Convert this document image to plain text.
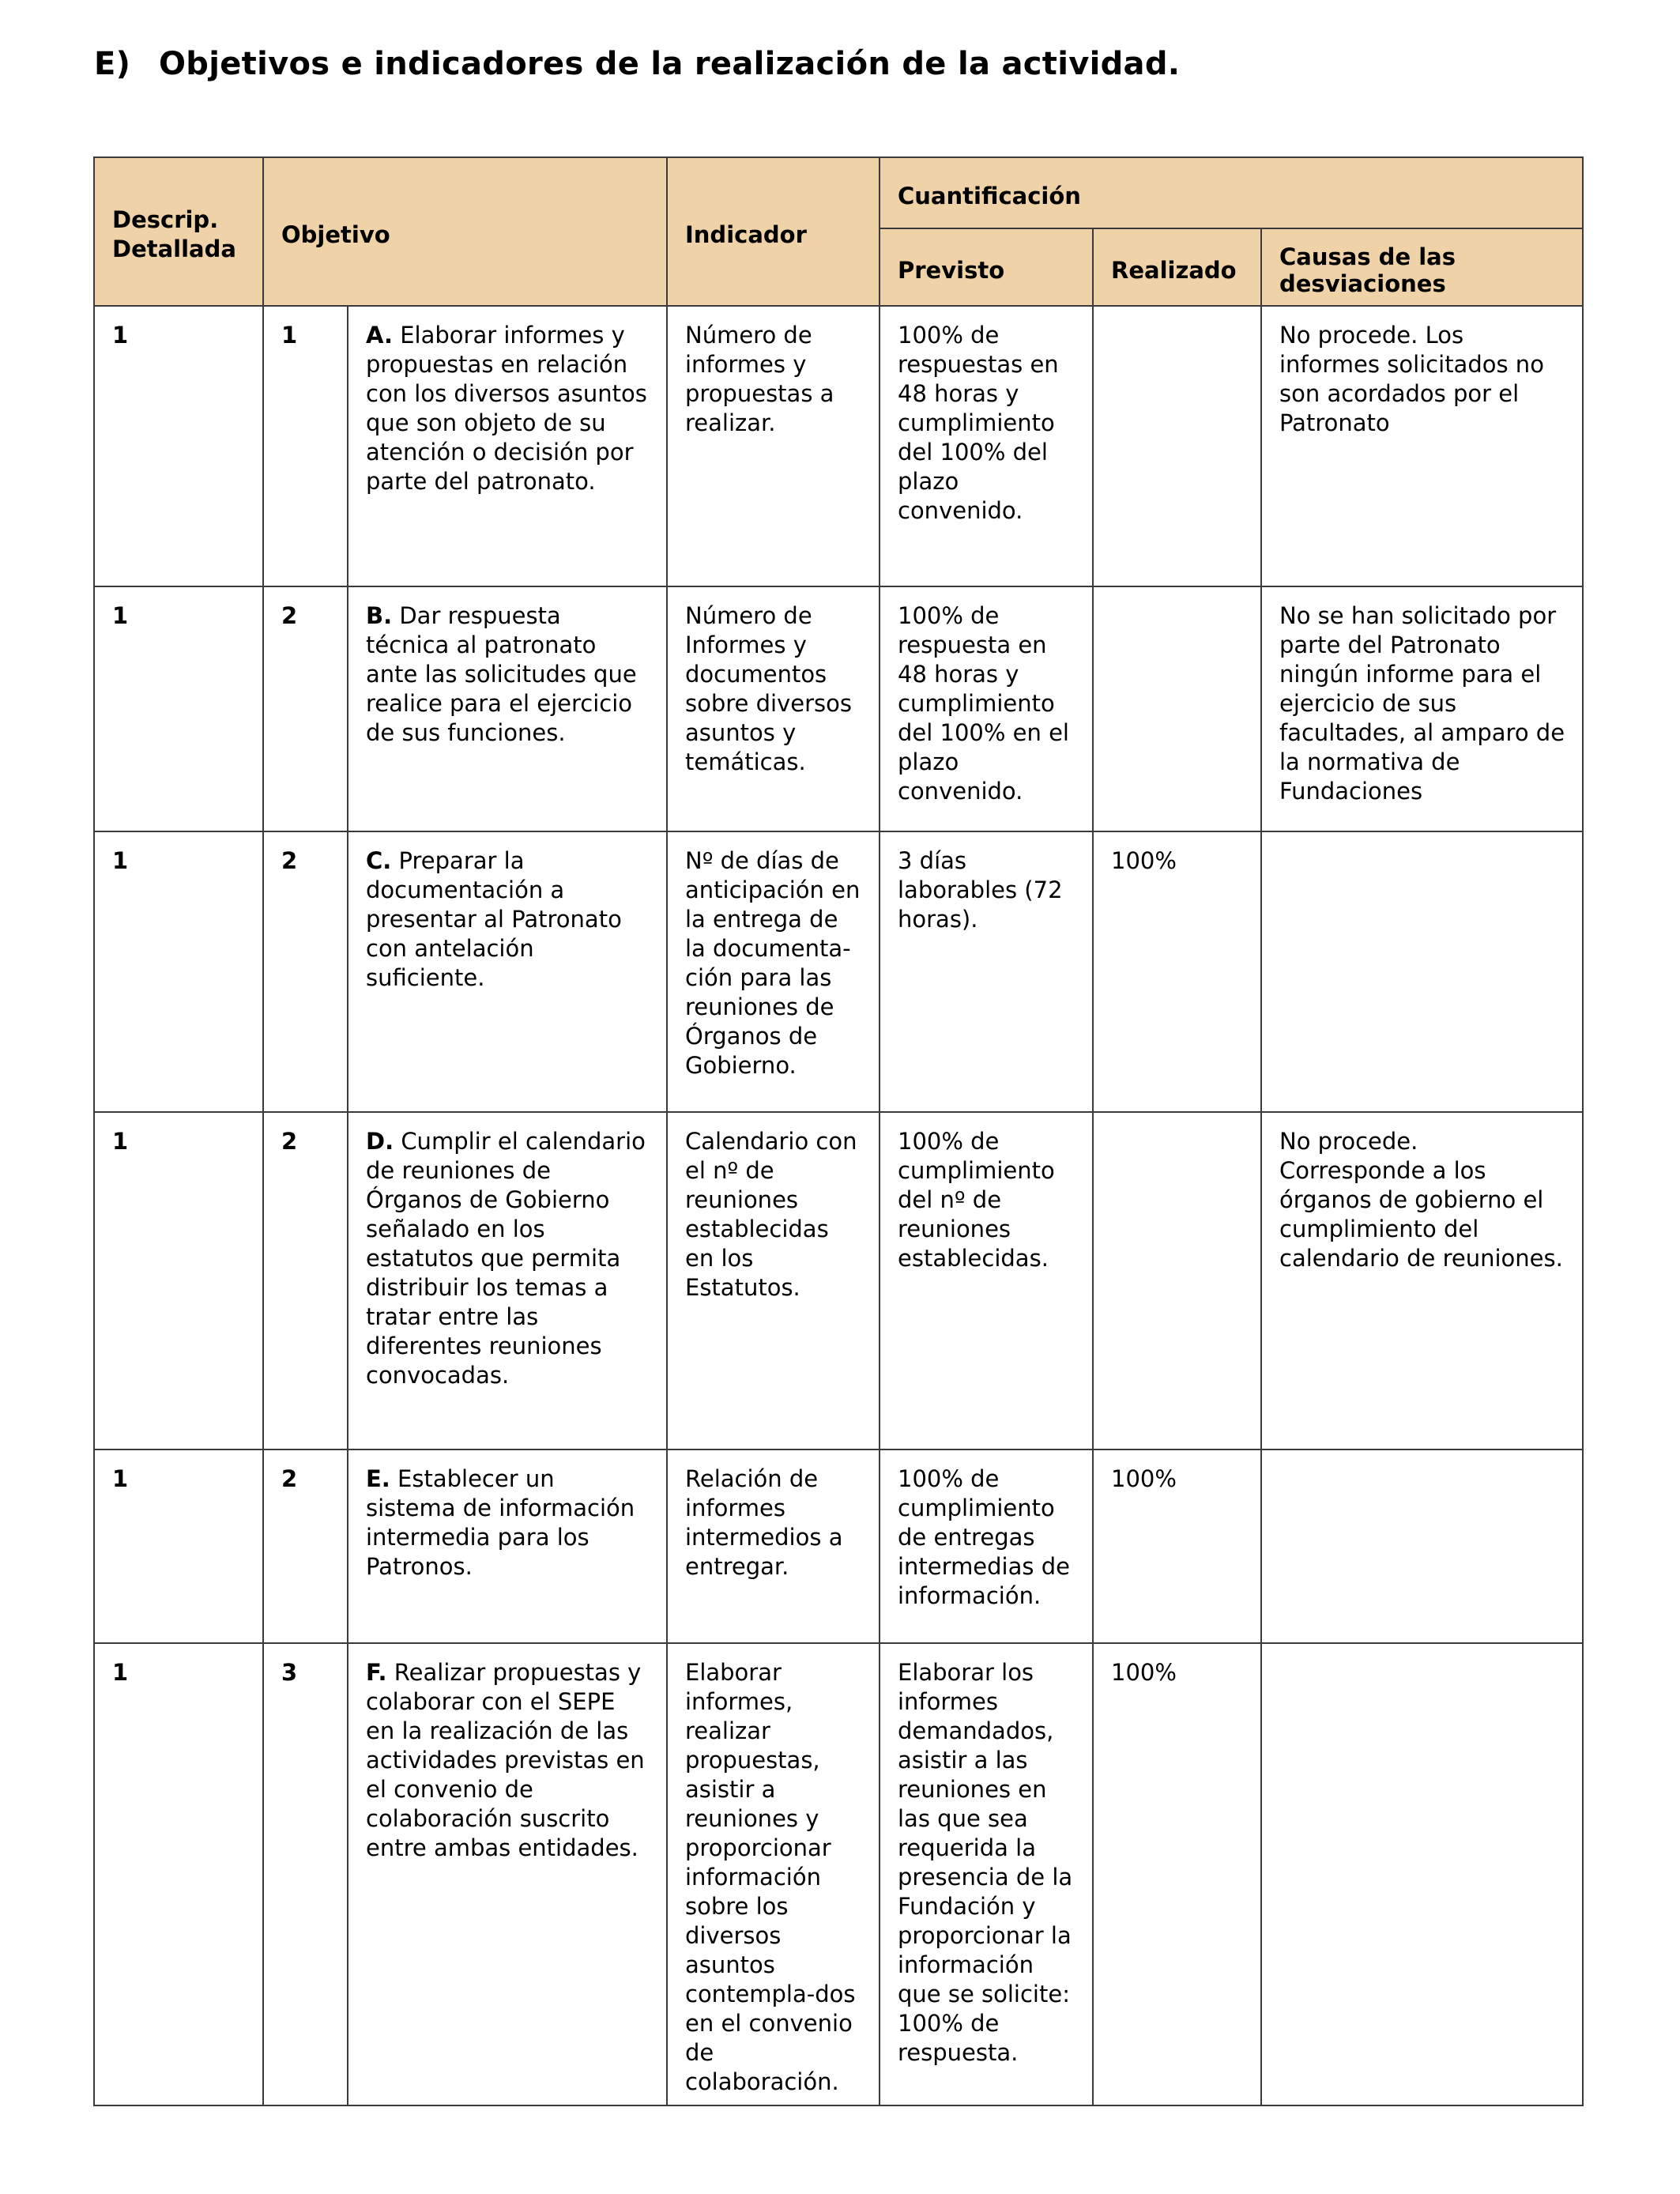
E) Objetivos e indicadores de la realización de la actividad.
Descrip.
Detallada	Objetivo		Indicador	Cuantificación		
				Previsto	Realizado	Causas de las desviaciones
1	1	A. Elaborar informes y propuestas en relación con los diversos asuntos que son objeto de su atención o decisión por parte del patronato.	Número de informes y propuestas a realizar.	100% de respuestas en 48 horas y cumplimiento del 100% del plazo convenido.		No procede. Los informes solicitados no son acordados por el Patronato
1	2	B. Dar respuesta técnica al patronato ante las solicitudes que realice para el ejercicio de sus funciones.	Número de Informes y documentos sobre diversos asuntos y temáticas.	100% de respuesta en 48 horas y cumplimiento del 100% en el plazo convenido.		No se han solicitado por parte del Patronato ningún informe para el ejercicio de sus facultades, al amparo de la normativa de Fundaciones
1	2	C. Preparar la documentación a presentar al Patronato con antelación suficiente.	Nº de días de anticipación en la entrega de la documenta-ción para las reuniones de Órganos de Gobierno.	3 días laborables (72 horas).	100%	
1	2	D. Cumplir el calendario de reuniones de Órganos de Gobierno señalado en los estatutos que permita distribuir los temas a tratar entre las diferentes reuniones convocadas.	Calendario con el nº de reuniones establecidas en los Estatutos.	100% de cumplimiento del nº de reuniones establecidas.		No procede. Corresponde a los órganos de gobierno el cumplimiento del calendario de reuniones.
1	2	E. Establecer un sistema de información intermedia para los Patronos.	Relación de informes intermedios a entregar.	100% de cumplimiento de entregas intermedias de información.	100%	
1	3	F. Realizar propuestas y colaborar con el SEPE en la realización de las actividades previstas en el convenio de colaboración suscrito entre ambas entidades.	Elaborar informes, realizar propuestas, asistir a reuniones y proporcionar información sobre los diversos asuntos contempla-dos en el convenio de colaboración.	Elaborar los informes demandados, asistir a las reuniones en las que sea requerida la presencia de la Fundación y proporcionar la información que se solicite: 100% de respuesta.	100%	
